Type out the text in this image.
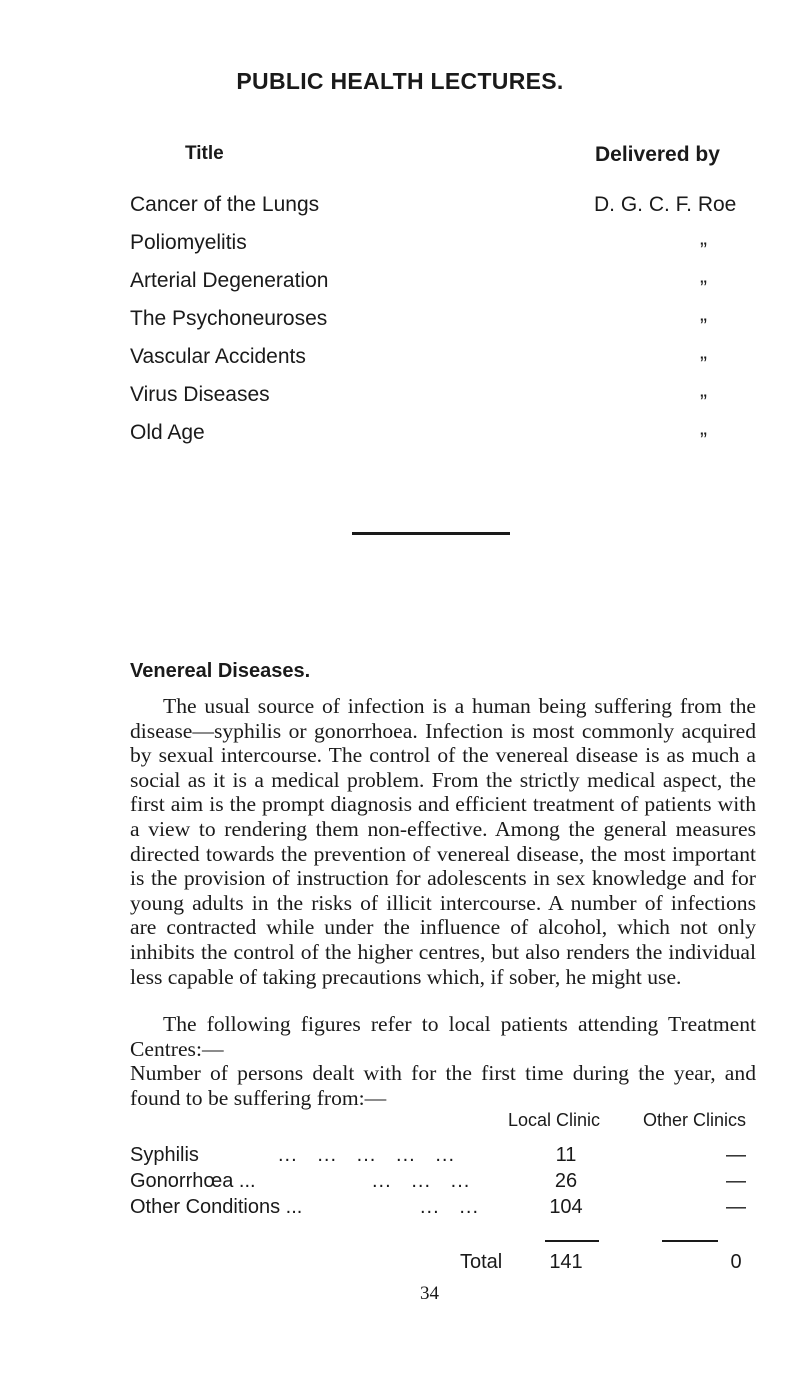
PUBLIC HEALTH LECTURES.
Title	Delivered by
Cancer of the Lungs	D. G. C. F. Roe
Poliomyelitis	”
Arterial Degeneration	”
The Psychoneuroses	”
Vascular Accidents	”
Virus Diseases	”
Old Age	”
Venereal Diseases.

The usual source of infection is a human being suffering from the disease—syphilis or gonorrhoea. Infection is most commonly acquired by sexual intercourse. The control of the venereal disease is as much a social as it is a medical problem. From the strictly medical aspect, the first aim is the prompt diagnosis and efficient treatment of patients with a view to rendering them non-effective. Among the general measures directed towards the prevention of venereal disease, the most important is the provision of instruction for adolescents in sex knowledge and for young adults in the risks of illicit intercourse. A number of infections are contracted while under the influence of alcohol, which not only inhibits the control of the higher centres, but also renders the individual less capable of taking precautions which, if sober, he might use.

The following figures refer to local patients attending Treatment Centres:—

Number of persons dealt with for the first time during the year, and found to be suffering from:—

Local Clinic Other Clinics
Syphilis	...   ...   ...   ...   ...	11	—
Gonorrhœa ...	...   ...   ...	26	—
Other Conditions ...	...   ...	104	—
Total	141	0
34
